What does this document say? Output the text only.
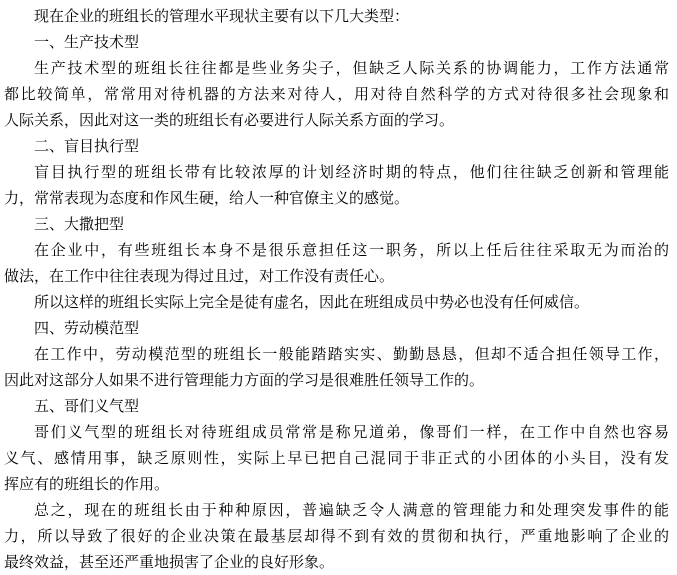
现在企业的班组长的管理水平现状主要有以下几大类型：
一、生产技术型
生产技术型的班组长往往都是些业务尖子，但缺乏人际关系的协调能力，工作方法通常
都比较简单，常常用对待机器的方法来对待人，用对待自然科学的方式对待很多社会现象和
人际关系，因此对这一类的班组长有必要进行人际关系方面的学习。
二、盲目执行型
盲目执行型的班组长带有比较浓厚的计划经济时期的特点，他们往往缺乏创新和管理能
力，常常表现为态度和作风生硬，给人一种官僚主义的感觉。
三、大撒把型
在企业中，有些班组长本身不是很乐意担任这一职务，所以上任后往往采取无为而治的
做法，在工作中往往表现为得过且过，对工作没有责任心。
所以这样的班组长实际上完全是徒有虚名，因此在班组成员中势必也没有任何威信。
四、劳动模范型
在工作中，劳动模范型的班组长一般能踏踏实实、勤勤恳恳，但却不适合担任领导工作，
因此对这部分人如果不进行管理能力方面的学习是很难胜任领导工作的。
五、哥们义气型
哥们义气型的班组长对待班组成员常常是称兄道弟，像哥们一样，在工作中自然也容易
义气、感情用事，缺乏原则性，实际上早已把自己混同于非正式的小团体的小头目，没有发
挥应有的班组长的作用。
总之，现在的班组长由于种种原因，普遍缺乏令人满意的管理能力和处理突发事件的能
力，所以导致了很好的企业决策在最基层却得不到有效的贯彻和执行，严重地影响了企业的
最终效益，甚至还严重地损害了企业的良好形象。
